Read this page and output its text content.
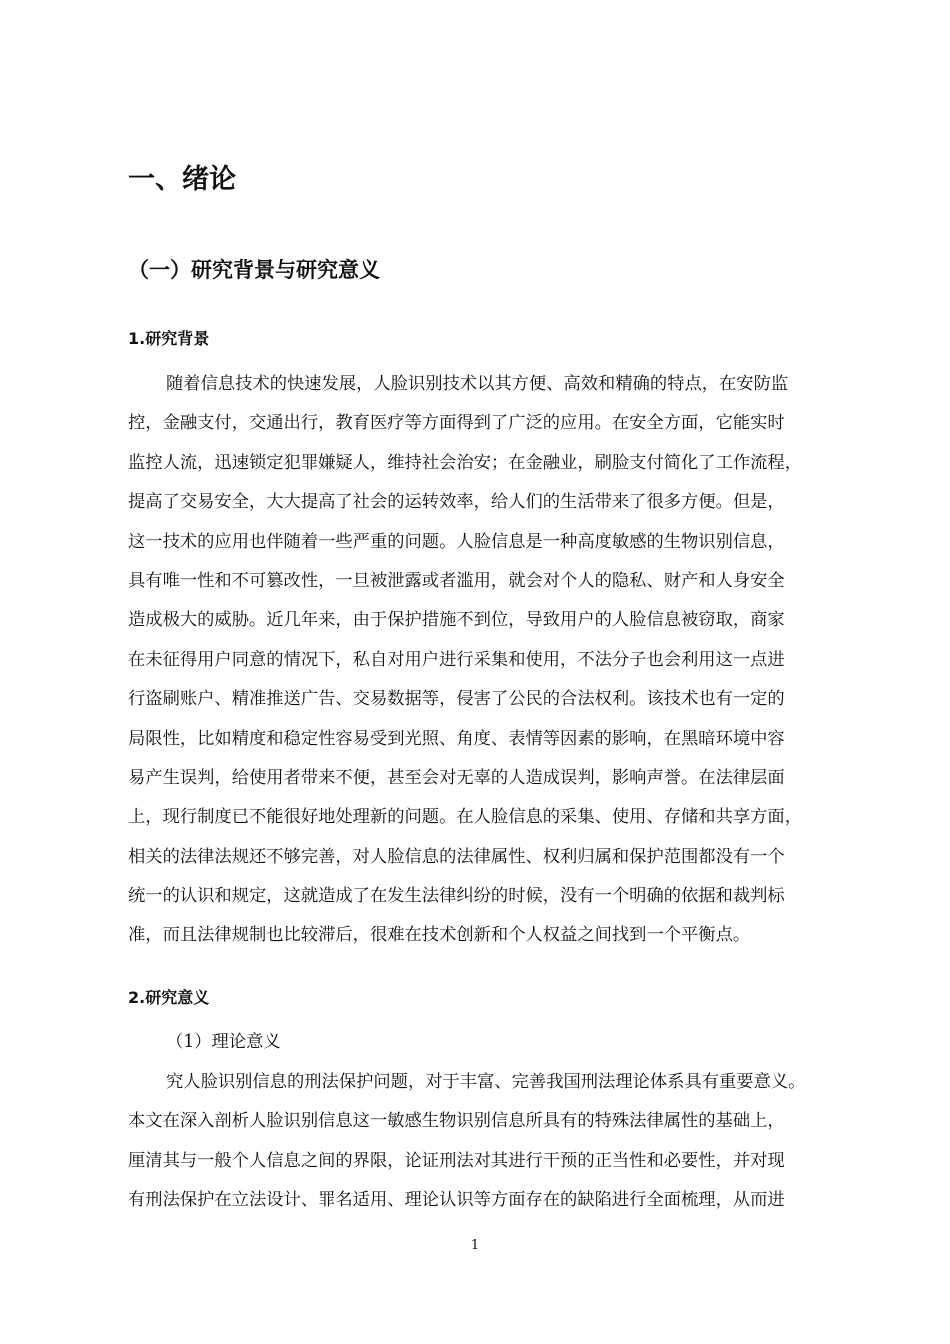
一、绪论
（一）研究背景与研究意义
1.研究背景
随着信息技术的快速发展，人脸识别技术以其方便、高效和精确的特点，在安防监
控，金融支付，交通出行，教育医疗等方面得到了广泛的应用。在安全方面，它能实时
监控人流，迅速锁定犯罪嫌疑人，维持社会治安；在金融业，刷脸支付简化了工作流程，
提高了交易安全，大大提高了社会的运转效率，给人们的生活带来了很多方便。但是，
这一技术的应用也伴随着一些严重的问题。人脸信息是一种高度敏感的生物识别信息，
具有唯一性和不可篡改性，一旦被泄露或者滥用，就会对个人的隐私、财产和人身安全
造成极大的威胁。近几年来，由于保护措施不到位，导致用户的人脸信息被窃取，商家
在未征得用户同意的情况下，私自对用户进行采集和使用，不法分子也会利用这一点进
行盗刷账户、精准推送广告、交易数据等，侵害了公民的合法权利。该技术也有一定的
局限性，比如精度和稳定性容易受到光照、角度、表情等因素的影响，在黑暗环境中容
易产生误判，给使用者带来不便，甚至会对无辜的人造成误判，影响声誉。在法律层面
上，现行制度已不能很好地处理新的问题。在人脸信息的采集、使用、存储和共享方面，
相关的法律法规还不够完善，对人脸信息的法律属性、权利归属和保护范围都没有一个
统一的认识和规定，这就造成了在发生法律纠纷的时候，没有一个明确的依据和裁判标
准，而且法律规制也比较滞后，很难在技术创新和个人权益之间找到一个平衡点。
2.研究意义

（1）理论意义

究人脸识别信息的刑法保护问题，对于丰富、完善我国刑法理论体系具有重要意义。
本文在深入剖析人脸识别信息这一敏感生物识别信息所具有的特殊法律属性的基础上，
厘清其与一般个人信息之间的界限，论证刑法对其进行干预的正当性和必要性，并对现
有刑法保护在立法设计、罪名适用、理论认识等方面存在的缺陷进行全面梳理，从而进
1
